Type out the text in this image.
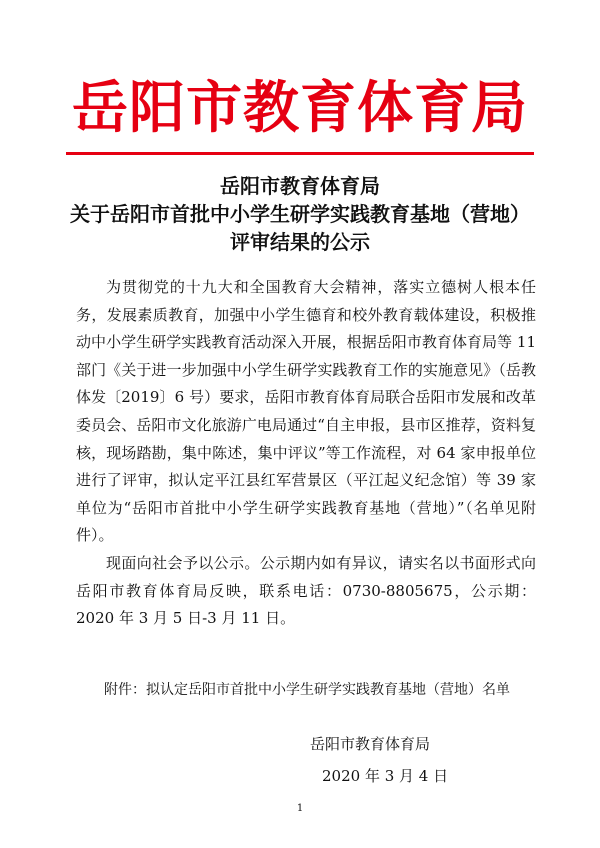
岳阳市教育体育局
岳阳市教育体育局
关于岳阳市首批中小学生研学实践教育基地（营地）
评审结果的公示

为贯彻党的十九大和全国教育大会精神，落实立德树人根本任务，发展素质教育，加强中小学生德育和校外教育载体建设，积极推动中小学生研学实践教育活动深入开展，根据岳阳市教育体育局等 11 部门《关于进一步加强中小学生研学实践教育工作的实施意见》（岳教体发〔2019〕6 号）要求，岳阳市教育体育局联合岳阳市发展和改革委员会、岳阳市文化旅游广电局通过“自主申报，县市区推荐，资料复核，现场踏勘，集中陈述，集中评议”等工作流程，对 64 家申报单位进行了评审，拟认定平江县红军营景区（平江起义纪念馆）等 39 家单位为“岳阳市首批中小学生研学实践教育基地（营地）”（名单见附件）。

现面向社会予以公示。公示期内如有异议，请实名以书面形式向岳阳市教育体育局反映，联系电话：0730-8805675，公示期：2020 年 3 月 5 日-3 月 11 日。

附件：拟认定岳阳市首批中小学生研学实践教育基地（营地）名单
岳阳市教育体育局
2020 年 3 月 4 日
1
